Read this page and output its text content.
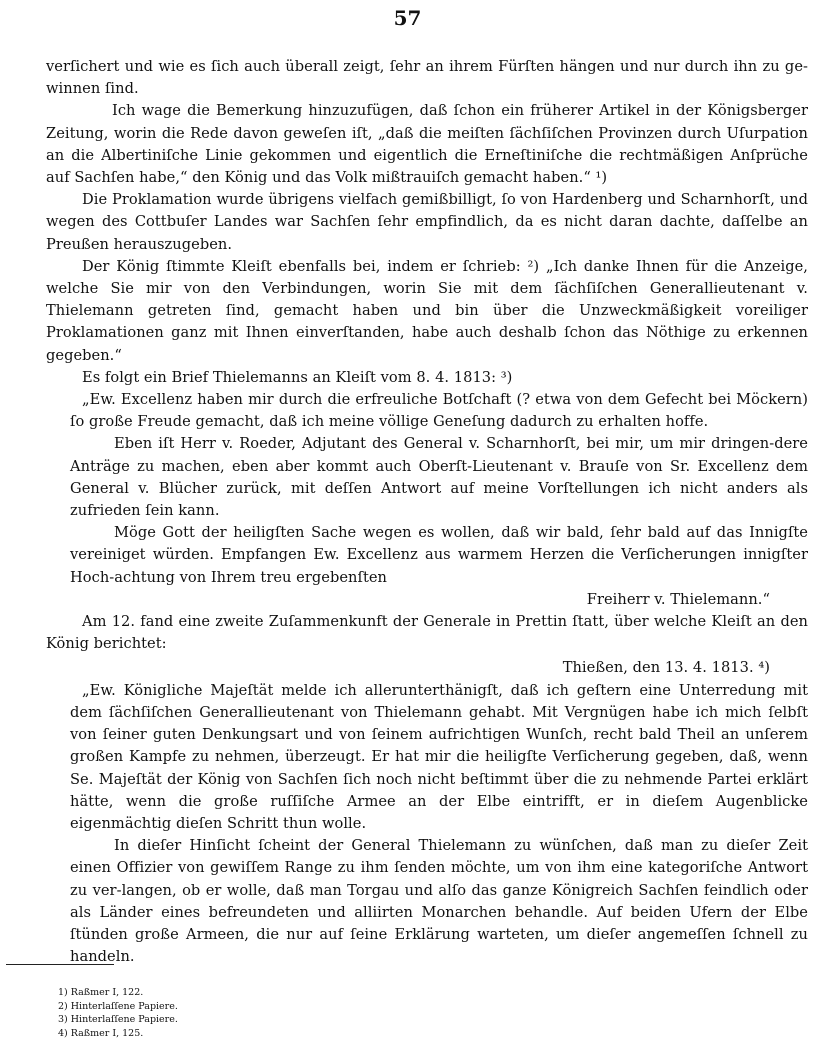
57

verſichert und wie es ſich auch überall zeigt, ſehr an ihrem Fürſten hängen und nur durch ihn zu ge-winnen ſind.

Ich wage die Bemerkung hinzuzufügen, daß ſchon ein früherer Artikel in der Königsberger Zeitung, worin die Rede davon geweſen iſt, „daß die meiſten ſächſiſchen Provinzen durch Uſurpation an die Albertiniſche Linie gekommen und eigentlich die Erneſtiniſche die rechtmäßigen Anſprüche auf Sachſen habe,“ den König und das Volk mißtrauiſch gemacht haben.“ ¹)

Die Proklamation wurde übrigens vielfach gemißbilligt, ſo von Hardenberg und Scharnhorſt, und wegen des Cottbuſer Landes war Sachſen ſehr empfindlich, da es nicht daran dachte, daſſelbe an Preußen herauszugeben.

Der König ſtimmte Kleiſt ebenfalls bei, indem er ſchrieb: ²) „Ich danke Ihnen für die Anzeige, welche Sie mir von den Verbindungen, worin Sie mit dem ſächſiſchen Generallieutenant v. Thielemann getreten ſind, gemacht haben und bin über die Unzweckmäßigkeit voreiliger Proklamationen ganz mit Ihnen einverſtanden, habe auch deshalb ſchon das Nöthige zu erkennen gegeben.“

Es folgt ein Brief Thielemanns an Kleiſt vom 8. 4. 1813: ³)

„Ew. Excellenz haben mir durch die erfreuliche Botſchaft (? etwa von dem Gefecht bei Möckern) ſo große Freude gemacht, daß ich meine völlige Geneſung dadurch zu erhalten hoffe.

Eben iſt Herr v. Roeder, Adjutant des General v. Scharnhorſt, bei mir, um mir dringen-dere Anträge zu machen, eben aber kommt auch Oberſt-Lieutenant v. Brauſe von Sr. Excellenz dem General v. Blücher zurück, mit deſſen Antwort auf meine Vorſtellungen ich nicht anders als zufrieden ſein kann.

Möge Gott der heiligſten Sache wegen es wollen, daß wir bald, ſehr bald auf das Innigſte vereiniget würden. Empfangen Ew. Excellenz aus warmem Herzen die Verſicherungen innigſter Hoch-achtung von Ihrem treu ergebenſten

Freiherr v. Thielemann.“

Am 12. fand eine zweite Zuſammenkunft der Generale in Prettin ſtatt, über welche Kleiſt an den König berichtet:

Thießen, den 13. 4. 1813. ⁴)

„Ew. Königliche Majeſtät melde ich allerunterthänigſt, daß ich geſtern eine Unterredung mit dem ſächſiſchen Generallieutenant von Thielemann gehabt. Mit Vergnügen habe ich mich ſelbſt von ſeiner guten Denkungsart und von ſeinem aufrichtigen Wunſch, recht bald Theil an unſerem großen Kampfe zu nehmen, überzeugt. Er hat mir die heiligſte Verſicherung gegeben, daß, wenn Se. Majeſtät der König von Sachſen ſich noch nicht beſtimmt über die zu nehmende Partei erklärt hätte, wenn die große ruſſiſche Armee an der Elbe eintrifft, er in dieſem Augenblicke eigenmächtig dieſen Schritt thun wolle.

In dieſer Hinſicht ſcheint der General Thielemann zu wünſchen, daß man zu dieſer Zeit einen Offizier von gewiſſem Range zu ihm ſenden möchte, um von ihm eine kategoriſche Antwort zu ver-langen, ob er wolle, daß man Torgau und alſo das ganze Königreich Sachſen feindlich oder als Länder eines befreundeten und alliirten Monarchen behandle. Auf beiden Ufern der Elbe ſtünden große Armeen, die nur auf ſeine Erklärung warteten, um dieſer angemeſſen ſchnell zu handeln.

1) Raßmer I, 122.
2) Hinterlaſſene Papiere.
3) Hinterlaſſene Papiere.
4) Raßmer I, 125.
